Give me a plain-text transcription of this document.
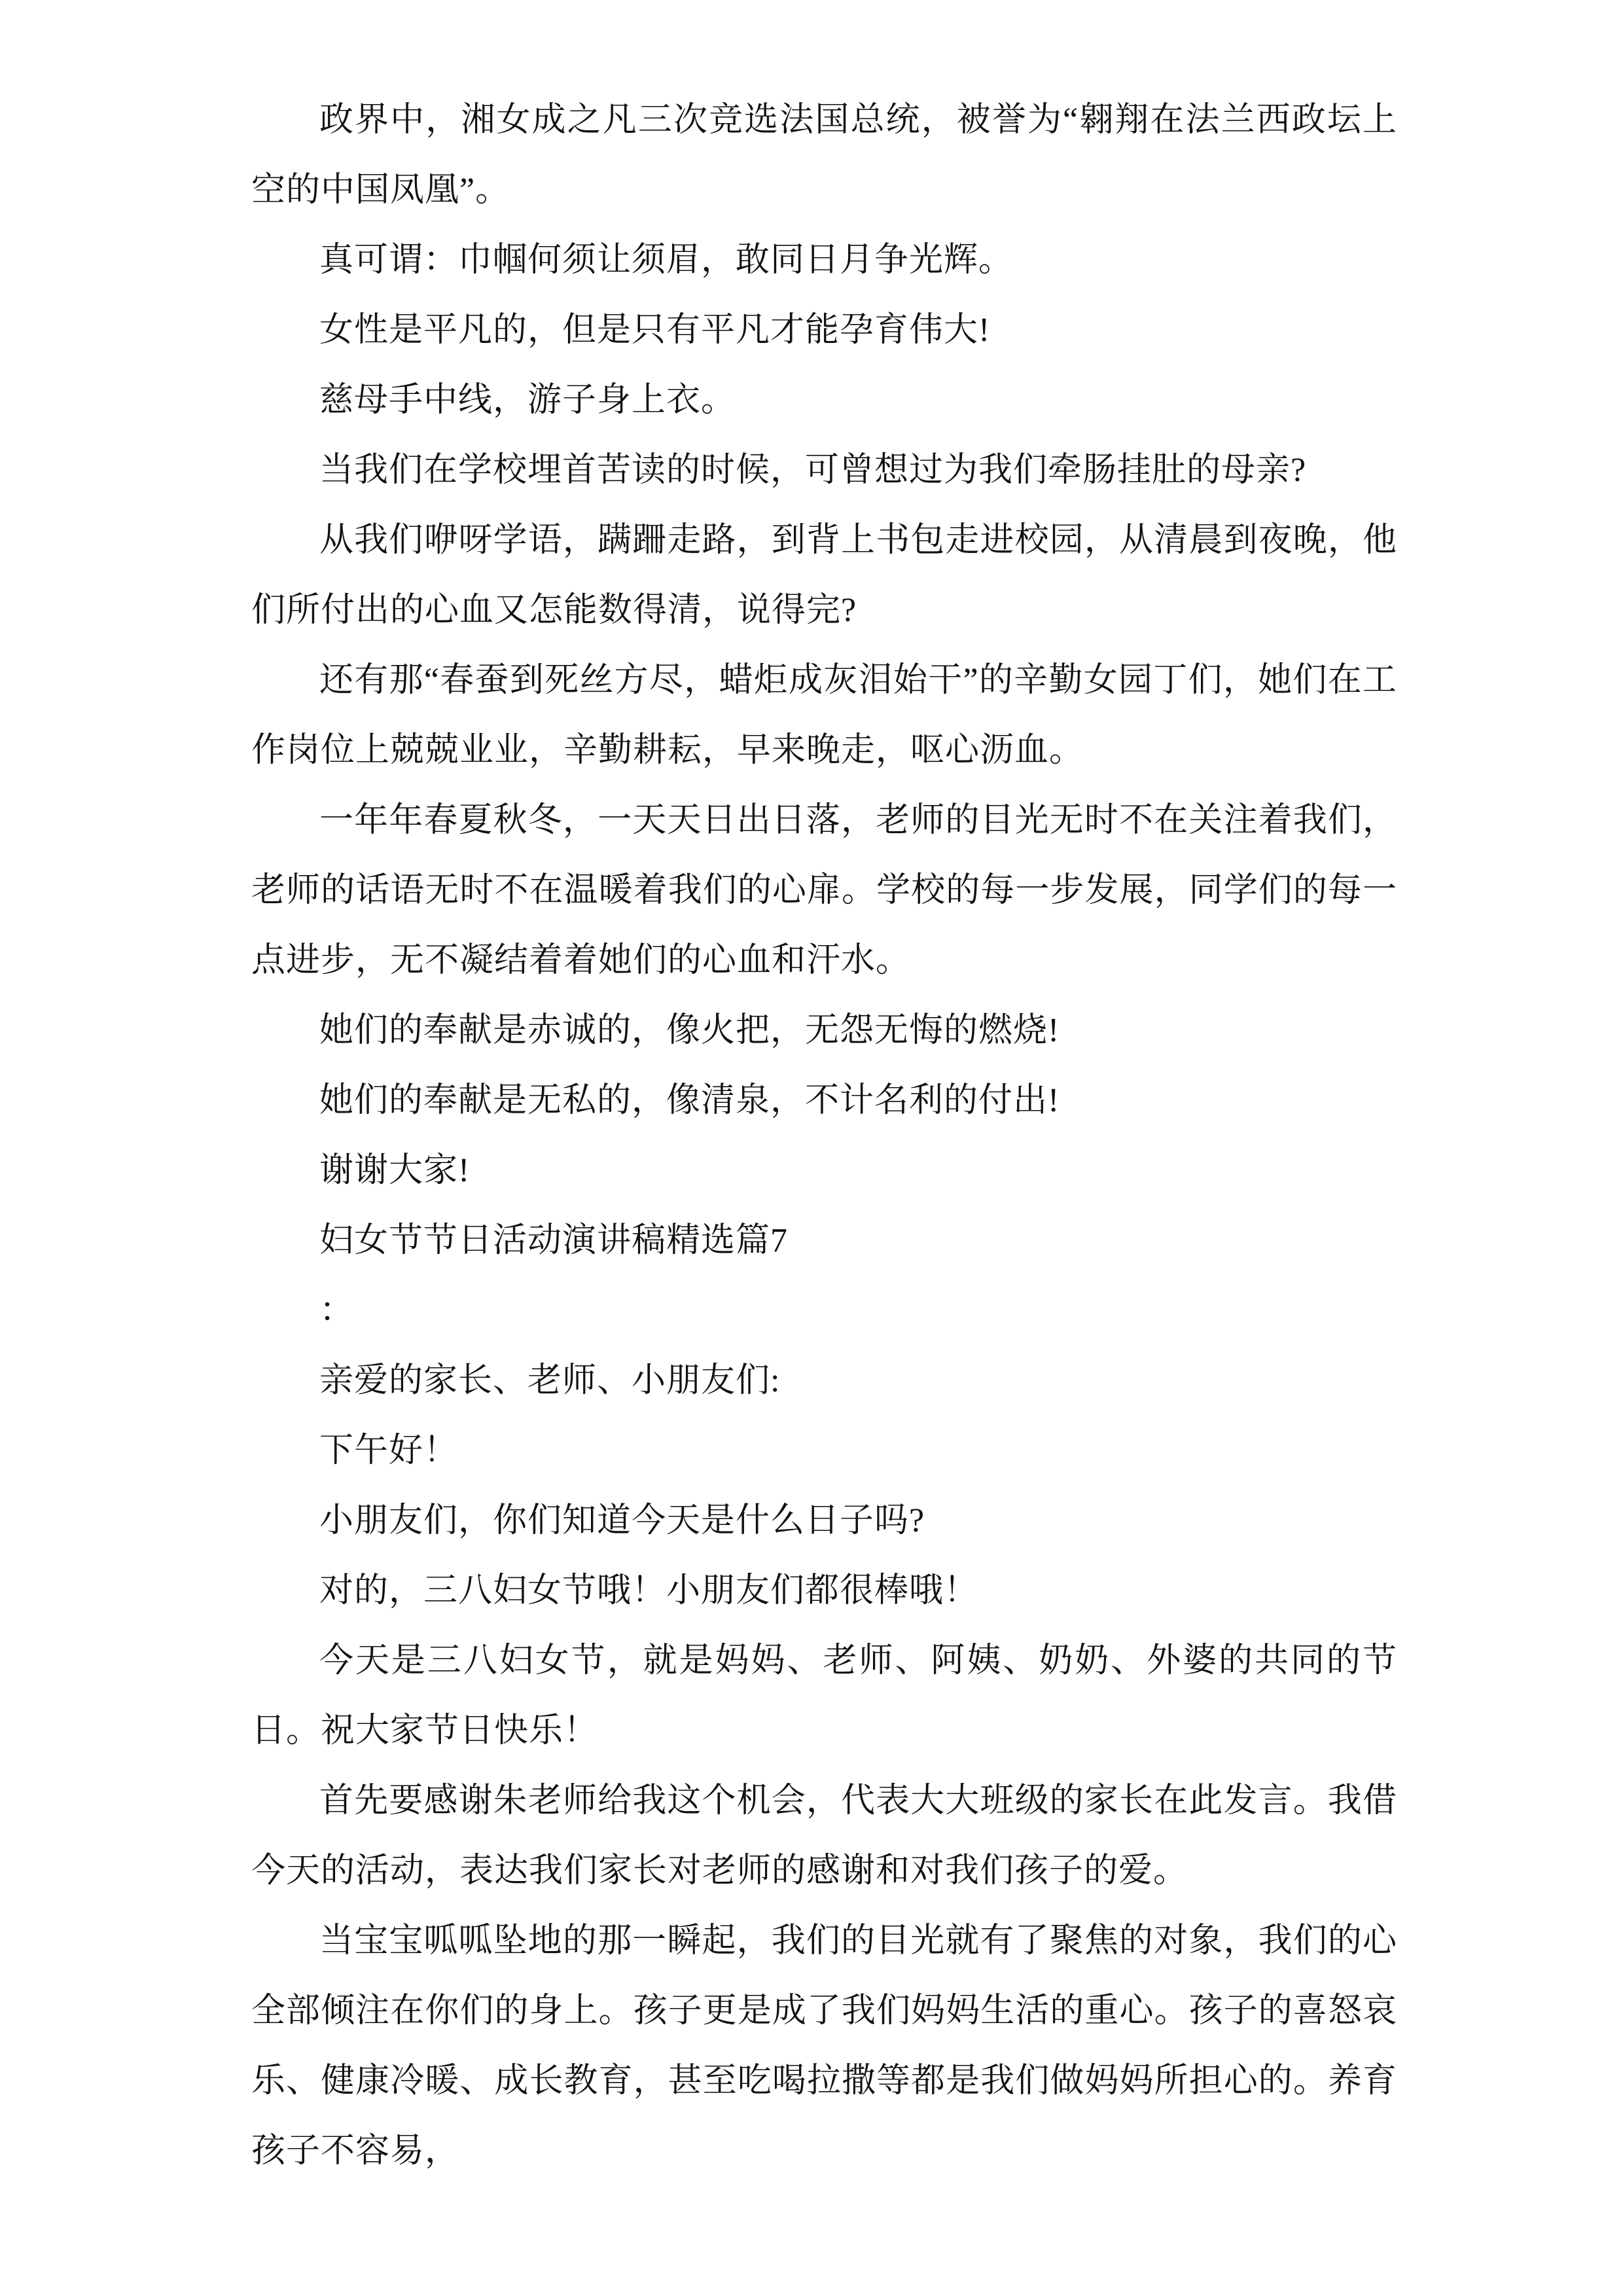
政界中，湘女成之凡三次竞选法国总统，被誉为“翱翔在法兰西政坛上空的中国凤凰”。

真可谓：巾帼何须让须眉，敢同日月争光辉。

女性是平凡的，但是只有平凡才能孕育伟大!

慈母手中线，游子身上衣。

当我们在学校埋首苦读的时候，可曾想过为我们牵肠挂肚的母亲?

从我们咿呀学语，蹒跚走路，到背上书包走进校园，从清晨到夜晚，他们所付出的心血又怎能数得清，说得完?

还有那“春蚕到死丝方尽，蜡炬成灰泪始干”的辛勤女园丁们，她们在工作岗位上兢兢业业，辛勤耕耘，早来晚走，呕心沥血。

一年年春夏秋冬，一天天日出日落，老师的目光无时不在关注着我们，老师的话语无时不在温暖着我们的心扉。学校的每一步发展，同学们的每一点进步，无不凝结着着她们的心血和汗水。

她们的奉献是赤诚的，像火把，无怨无悔的燃烧!

她们的奉献是无私的，像清泉，不计名利的付出!

谢谢大家!

妇女节节日活动演讲稿精选篇7

：

亲爱的家长、老师、小朋友们:

下午好！

小朋友们，你们知道今天是什么日子吗?

对的，三八妇女节哦！小朋友们都很棒哦！

今天是三八妇女节，就是妈妈、老师、阿姨、奶奶、外婆的共同的节日。祝大家节日快乐！

首先要感谢朱老师给我这个机会，代表大大班级的家长在此发言。我借今天的活动，表达我们家长对老师的感谢和对我们孩子的爱。

当宝宝呱呱坠地的那一瞬起，我们的目光就有了聚焦的对象，我们的心全部倾注在你们的身上。孩子更是成了我们妈妈生活的重心。孩子的喜怒哀乐、健康冷暖、成长教育，甚至吃喝拉撒等都是我们做妈妈所担心的。养育孩子不容易，
